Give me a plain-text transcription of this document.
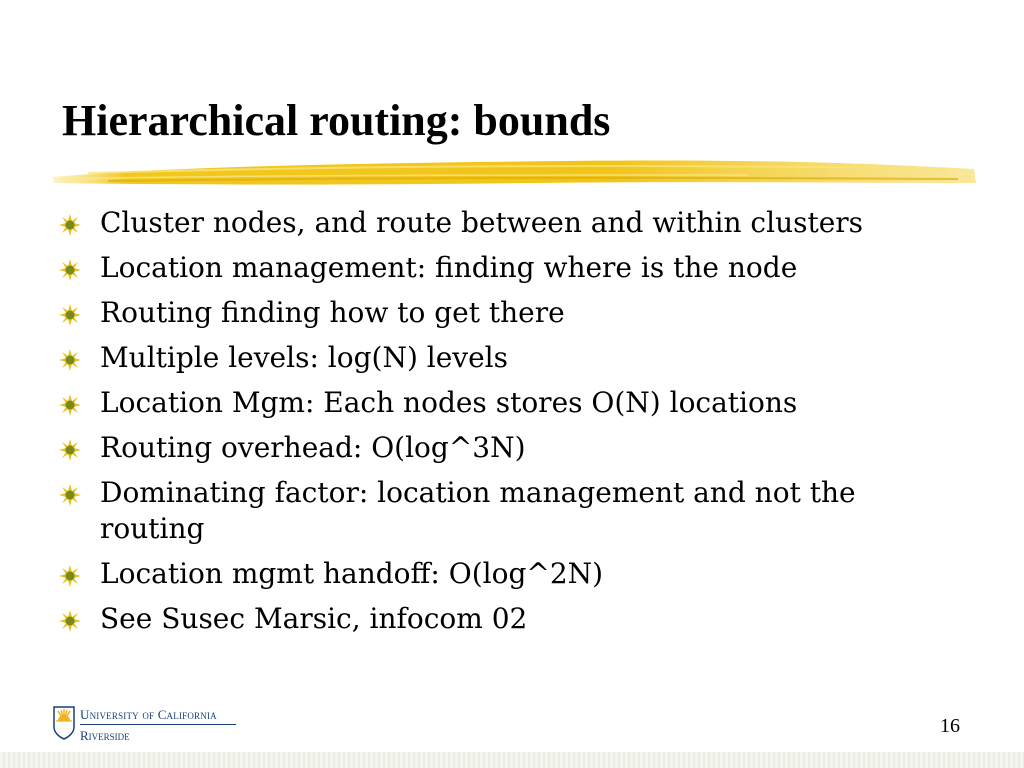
Hierarchical routing: bounds
Cluster nodes, and route between and within clusters
Location management: finding where is the node
Routing finding how to get there
Multiple levels: log(N) levels
Location Mgm: Each nodes stores O(N) locations
Routing overhead: O(log^3N)
Dominating factor: location management and not the routing
Location mgmt handoff: O(log^2N)
See Susec Marsic, infocom 02
University of California
Riverside	16
